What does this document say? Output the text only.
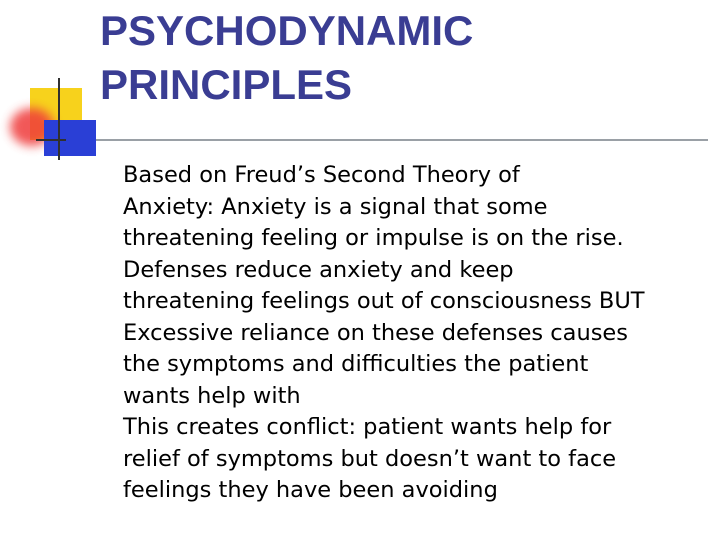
PSYCHODYNAMIC
PRINCIPLES
Based on Freud’s Second Theory of
Anxiety: Anxiety is a signal that some
threatening feeling or impulse is on the rise.
Defenses reduce anxiety and keep
threatening feelings out of consciousness BUT
Excessive reliance on these defenses causes
the symptoms and difficulties the patient
wants help with
This creates conflict: patient wants help for
relief of symptoms but doesn’t want to face
feelings they have been avoiding
